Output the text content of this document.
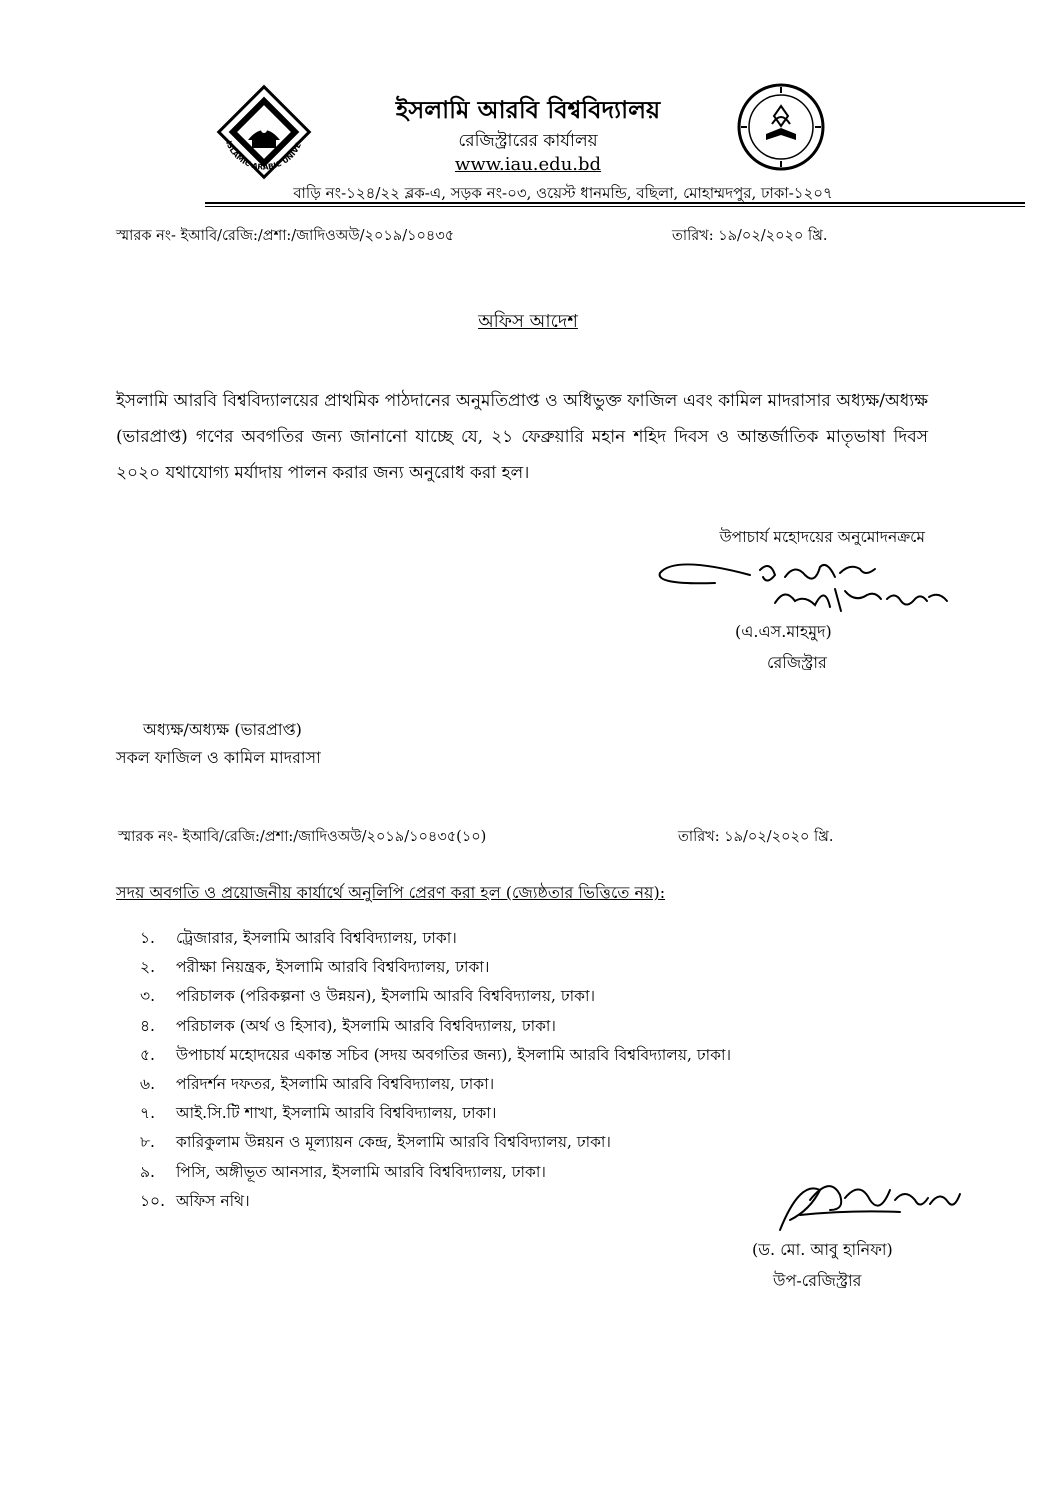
ISLAMIC ARABIC UNIVE
ইসলামি আরবি বিশ্ববিদ্যালয়
রেজিস্ট্রারের কার্যালয়
www.iau.edu.bd
বাড়ি নং-১২৪/২২ ব্লক-এ, সড়ক নং-০৩, ওয়েস্ট ধানমন্ডি, বছিলা, মোহাম্মদপুর, ঢাকা-১২০৭
স্মারক নং- ইআবি/রেজি:/প্রশা:/জাদিওঅউ/২০১৯/১০৪৩৫	তারিখ: ১৯/০২/২০২০ খ্রি.
অফিস আদেশ
ইসলামি আরবি বিশ্ববিদ্যালয়ের প্রাথমিক পাঠদানের অনুমতিপ্রাপ্ত ও অধিভুক্ত ফাজিল এবং কামিল মাদরাসার অধ্যক্ষ/অধ্যক্ষ (ভারপ্রাপ্ত) গণের অবগতির জন্য জানানো যাচ্ছে যে, ২১ ফেব্রুয়ারি মহান শহিদ দিবস ও আন্তর্জাতিক মাতৃভাষা দিবস ২০২০ যথাযোগ্য মর্যাদায় পালন করার জন্য অনুরোধ করা হল।
উপাচার্য মহোদয়ের অনুমোদনক্রমে
(এ.এস.মাহমুদ)
রেজিস্ট্রার
অধ্যক্ষ/অধ্যক্ষ (ভারপ্রাপ্ত)
সকল ফাজিল ও কামিল মাদরাসা
স্মারক নং- ইআবি/রেজি:/প্রশা:/জাদিওঅউ/২০১৯/১০৪৩৫(১০)	তারিখ: ১৯/০২/২০২০ খ্রি.
সদয় অবগতি ও প্রয়োজনীয় কার্যার্থে অনুলিপি প্রেরণ করা হল (জ্যেষ্ঠতার ভিত্তিতে নয়):
১. ট্রেজারার, ইসলামি আরবি বিশ্ববিদ্যালয়, ঢাকা।
২. পরীক্ষা নিয়ন্ত্রক, ইসলামি আরবি বিশ্ববিদ্যালয়, ঢাকা।
৩. পরিচালক (পরিকল্পনা ও উন্নয়ন), ইসলামি আরবি বিশ্ববিদ্যালয়, ঢাকা।
৪. পরিচালক (অর্থ ও হিসাব), ইসলামি আরবি বিশ্ববিদ্যালয়, ঢাকা।
৫. উপাচার্য মহোদয়ের একান্ত সচিব (সদয় অবগতির জন্য), ইসলামি আরবি বিশ্ববিদ্যালয়, ঢাকা।
৬. পরিদর্শন দফতর, ইসলামি আরবি বিশ্ববিদ্যালয়, ঢাকা।
৭. আই.সি.টি শাখা, ইসলামি আরবি বিশ্ববিদ্যালয়, ঢাকা।
৮. কারিকুলাম উন্নয়ন ও মূল্যায়ন কেন্দ্র, ইসলামি আরবি বিশ্ববিদ্যালয়, ঢাকা।
৯. পিসি, অঙ্গীভূত আনসার, ইসলামি আরবি বিশ্ববিদ্যালয়, ঢাকা।
১০. অফিস নথি।
(ড. মো. আবু হানিফা)
উপ-রেজিস্ট্রার
